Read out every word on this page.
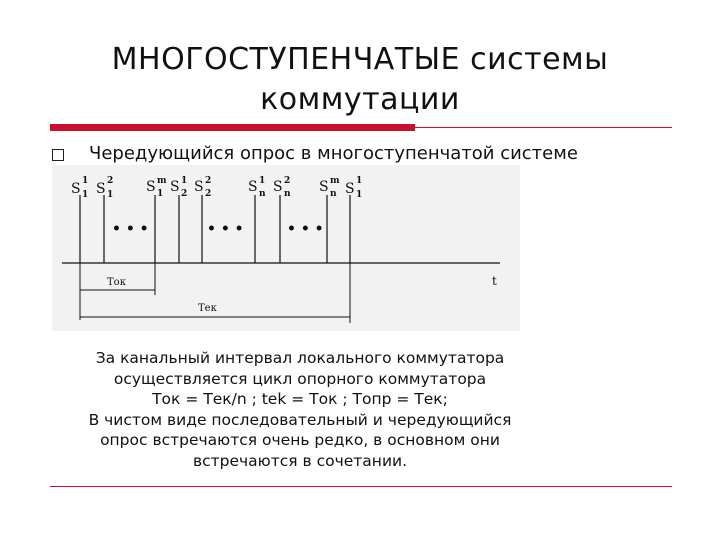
МНОГОСТУПЕНЧАТЫЕ системы
коммутации
Чередующийся опрос в многоступенчатой системе
t
S 1
1 S 2
1 S m
1 S 1
2 S 2
2	S 1
n S 2
n S m
n S 1
1
• • •	• • •	• • •
Ток
Тек
За канальный интервал локального коммутатора
осуществляется цикл опорного коммутатора
Ток = Тек/n ; tek = Ток ; Топр = Тек;
В чистом виде последовательный и чередующийся
опрос встречаются очень редко, в основном они
встречаются в сочетании.
